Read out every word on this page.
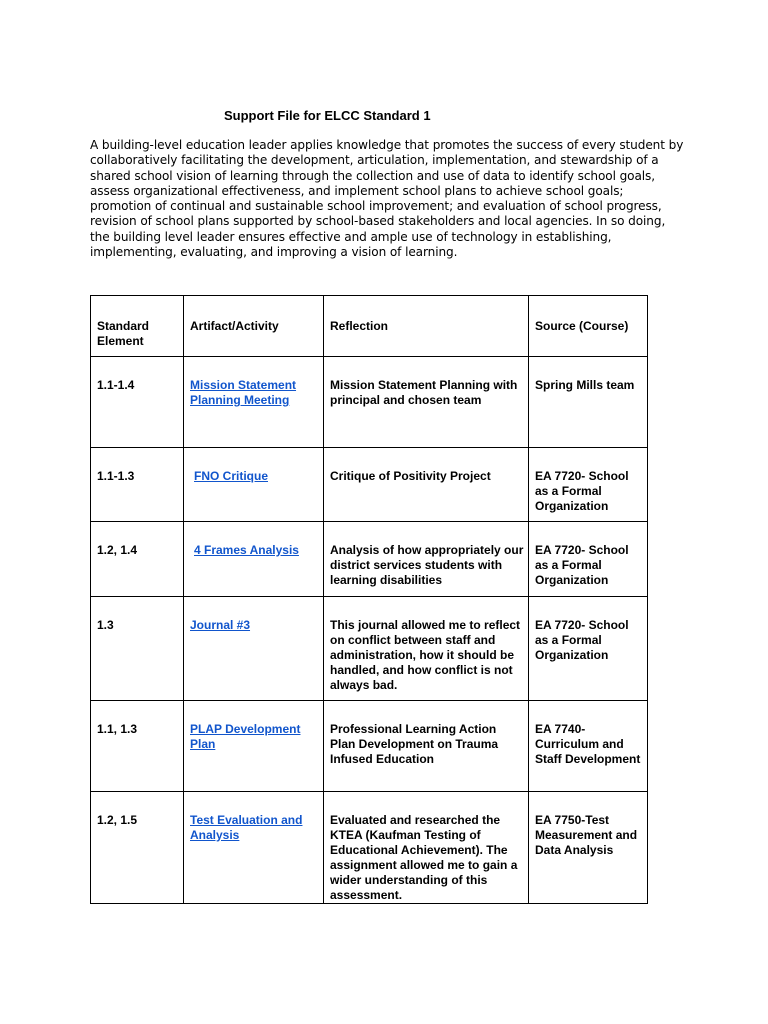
Support File for ELCC Standard 1

A building-level education leader applies knowledge that promotes the success of every student by collaboratively facilitating the development, articulation, implementation, and stewardship of a shared school vision of learning through the collection and use of data to identify school goals, assess organizational effectiveness, and implement school plans to achieve school goals; promotion of continual and sustainable school improvement; and evaluation of school progress, revision of school plans supported by school-based stakeholders and local agencies. In so doing, the building level leader ensures effective and ample use of technology in establishing, implementing, evaluating, and improving a vision of learning.

Standard Element	Artifact/Activity	Reflection	Source (Course)

1.1-1.4	Mission Statement Planning Meeting	Mission Statement Planning with principal and chosen team	Spring Mills team

1.1-1.3	FNO Critique	Critique of Positivity Project	EA 7720- School as a Formal Organization

1.2, 1.4	4 Frames Analysis	Analysis of how appropriately our district services students with learning disabilities	EA 7720- School as a Formal Organization

1.3	Journal #3	This journal allowed me to reflect on conflict between staff and administration, how it should be handled, and how conflict is not always bad.	EA 7720- School as a Formal Organization

1.1, 1.3	PLAP Development Plan	Professional Learning Action Plan Development on Trauma Infused Education	EA 7740- Curriculum and Staff Development

1.2, 1.5	Test Evaluation and Analysis	Evaluated and researched the KTEA (Kaufman Testing of Educational Achievement). The assignment allowed me to gain a wider understanding of this assessment.	EA 7750-Test Measurement and Data Analysis
